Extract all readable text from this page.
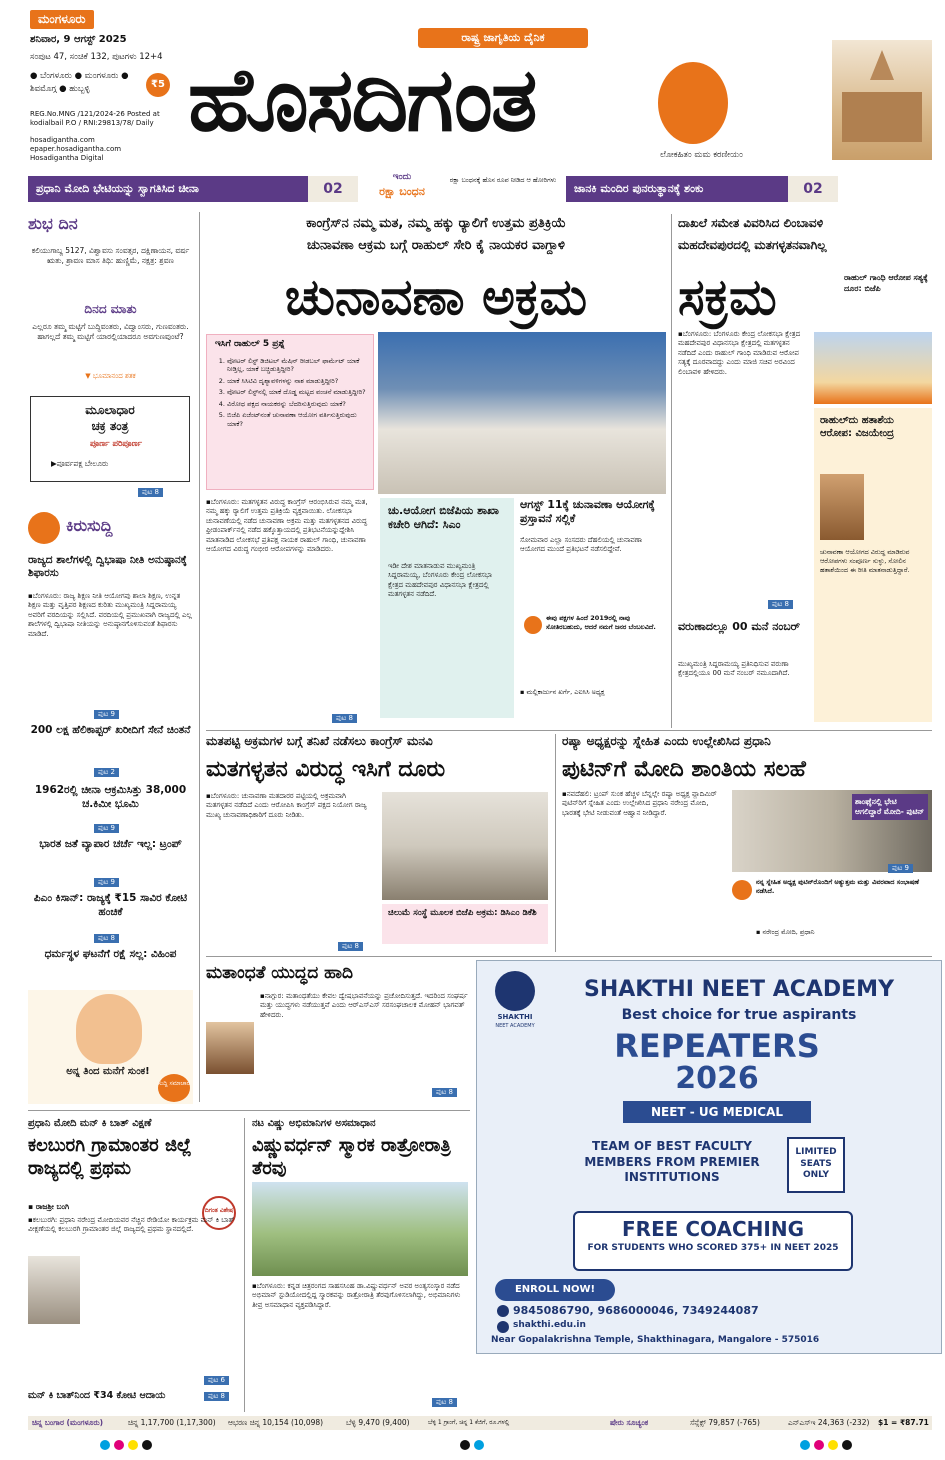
ಮಂಗಳೂರು
ಶನಿವಾರ, 9 ಆಗಸ್ಟ್ 2025
ಸಂಪುಟ 47, ಸಂಚಿಕೆ 132, ಪುಟಗಳು 12+4
● ಬೆಂಗಳೂರು ● ಮಂಗಳೂರು ● ಶಿವಮೊಗ್ಗ ● ಹುಬ್ಬಳ್ಳಿ	₹5
REG.No.MNG /121/2024-26 Posted at kodialbail P.O / RNI:29813/78/ Daily
hosadigantha.com
epaper.hosadigantha.com
Hosadigantha Digital
ರಾಷ್ಟ್ರ ಜಾಗೃತಿಯ ದೈನಿಕ
ಹೊಸದಿಗಂತ
ಲೋಕಹಿತಂ ಮಮ ಕರಣೀಯಂ
ಪ್ರಧಾನಿ ಮೋದಿ ಭೇಟಿಯನ್ನು ಸ್ವಾಗತಿಸಿದ ಚೀನಾ	02
ಇಂದು
ರಕ್ಷಾ ಬಂಧನ
ರಕ್ಷಾ ಬಂಧನಕ್ಕೆ ಹೊಸ ರೂಪ ನೀಡಿದ ಆ ಹೋರಿಗಳು
ಜಾನಕಿ ಮಂದಿರ ಪುನರುತ್ಥಾನಕ್ಕೆ ಶಂಕು	02
ಶುಭ ದಿನ
ಕಲಿಯುಗಾಬ್ದ 5127, ವಿಶ್ವಾವಸು ಸಂವತ್ಸರ, ದಕ್ಷಿಣಾಯನ, ವರ್ಷ ಋತು, ಶ್ರಾವಣ ಮಾಸ ತಿಥಿ: ಹುಣ್ಣಿಮೆ, ನಕ್ಷತ್ರ: ಶ್ರವಣ
ದಿನದ ಮಾತು
ಎಲ್ಲರೂ ತಮ್ಮ ಮಟ್ಟಿಗೆ ಬುದ್ಧಿವಂತರು, ವಿದ್ವಾಂಸರು, ಗುಣವಂತರು. ಹಾಗಲ್ಲದೆ ತಮ್ಮ ಮಟ್ಟಿಗೆ ಯಾರಲ್ಲಿಯಾದರೂ ಅವಗುಣವುಂಟೆ?
▼ ಭೂಮಾನಂದ ಶತಕ
ಮೂಲಾಧಾರ
ಚಕ್ರ ತಂತ್ರ
ಪೂರ್ಣ ಪರಿಪೂರ್ಣ
▶ಪೂರ್ವಪಕ್ಷ ಬೇಲೂರು
ಪುಟ 8
ಕಿರುಸುದ್ದಿ
ರಾಜ್ಯದ ಶಾಲೆಗಳಲ್ಲಿ ದ್ವಿಭಾಷಾ ನೀತಿ ಅನುಷ್ಠಾನಕ್ಕೆ ಶಿಫಾರಸು
▪ಬೆಂಗಳೂರು: ರಾಜ್ಯ ಶಿಕ್ಷಣ ನೀತಿ ಆಯೋಗವು ಶಾಲಾ ಶಿಕ್ಷಣ, ಉನ್ನತ ಶಿಕ್ಷಣ ಮತ್ತು ವೃತ್ತಿಪರ ಶಿಕ್ಷಣದ ಕುರಿತು ಮುಖ್ಯಮಂತ್ರಿ ಸಿದ್ದರಾಮಯ್ಯ ಅವರಿಗೆ ವರದಿಯನ್ನು ಸಲ್ಲಿಸಿದೆ. ವರದಿಯಲ್ಲಿ ಪ್ರಮುಖವಾಗಿ ರಾಜ್ಯದಲ್ಲಿ ಎಲ್ಲ ಶಾಲೆಗಳಲ್ಲಿ ದ್ವಿಭಾಷಾ ನೀತಿಯನ್ನು ಅನುಷ್ಠಾನಗೊಳಿಸುವಂತೆ ಶಿಫಾರಸು ಮಾಡಿದೆ.
ಪುಟ 9
200 ಲಕ್ಷ ಹೆಲಿಕಾಪ್ಟರ್ ಖರೀದಿಗೆ ಸೇನೆ ಚಿಂತನೆ
ಪುಟ 2
1962ರಲ್ಲಿ ಚೀನಾ ಆಕ್ರಮಿಸಿತ್ತು 38,000 ಚ.ಕಿಮೀ ಭೂಮಿ
ಪುಟ 9
ಭಾರತ ಜತೆ ವ್ಯಾಪಾರ ಚರ್ಚೆ ಇಲ್ಲ: ಟ್ರಂಪ್
ಪುಟ 9
ಪಿಎಂ ಕಿಸಾನ್: ರಾಜ್ಯಕ್ಕೆ ₹15 ಸಾವಿರ ಕೋಟಿ ಹಂಚಿಕೆ
ಪುಟ 8
ಧರ್ಮಸ್ಥಳ ಘಟನೆಗೆ ರಕ್ಷೆ ಸಲ್ಲ: ವಿಹಿಂಪ
ಅನ್ನ ತಿಂದ ಮನೆಗೆ ಸುಂಕ!
ಸುದ್ದಿ ಸಮಾಚಾರ
ಕಾಂಗ್ರೆಸ್‌ನ ನಮ್ಮ ಮತ, ನಮ್ಮ ಹಕ್ಕು ರ್‍ಯಾಲಿಗೆ ಉತ್ತಮ ಪ್ರತಿಕ್ರಿಯೆ
ಚುನಾವಣಾ ಆಕ್ರಮ ಬಗ್ಗೆ ರಾಹುಲ್ ಸೇರಿ ಕೈ ನಾಯಕರ ವಾಗ್ದಾಳಿ
ಚುನಾವಣಾ ಅಕ್ರಮ
ಇಸಿಗೆ ರಾಹುಲ್ 5 ಪ್ರಶ್ನೆ
1. ವೋಟರ್ ಲಿಸ್ಟ್ ಡಿಜಿಟಲ್ ಮೆಷಿನ್ ರೀಡಬಲ್ ಫಾರ್ಮೆಟ್‌ ಯಾಕೆ ನೀಡ್ತಿಲ್ಲ, ಯಾಕೆ ಬಚ್ಚಿಡುತ್ತಿದ್ದೀರಿ?
2. ಯಾಕೆ ಸಿಸಿಟಿವಿ ದೃಶ್ಯಾವಳಿಗಳನ್ನು ನಾಶ ಮಾಡುತ್ತಿದ್ದೀರಿ?
3. ವೋಟರ್ ಲಿಸ್ಟ್‌ನಲ್ಲಿ ಯಾಕೆ ದೊಡ್ಡ ಮಟ್ಟದ ವಂಚನೆ ಮಾಡುತ್ತಿದ್ದೀರಿ?
4. ವಿರೋಧ ಪಕ್ಷದ ನಾಯಕರನ್ನು ಬೆದರಿಸುತ್ತಿರುವುದು ಯಾಕೆ?
5. ಬಿಜೆಪಿ ಏಜೆಂಟ್‌ನಂತೆ ಚುನಾವಣಾ ಆಯೋಗ ವರ್ತಿಸುತ್ತಿರುವುದು ಯಾಕೆ?
▪ಬೆಂಗಳೂರು: ಮತಗಳ್ಳತನ ವಿರುದ್ಧ ಕಾಂಗ್ರೆಸ್ ಆರಂಭಿಸಿರುವ ನಮ್ಮ ಮತ, ನಮ್ಮ ಹಕ್ಕು ರ್‍ಯಾಲಿಗೆ ಉತ್ತಮ ಪ್ರತಿಕ್ರಿಯೆ ವ್ಯಕ್ತವಾಯಿತು. ಲೋಕಸಭಾ ಚುನಾವಣೆಯಲ್ಲಿ ನಡೆದ ಚುನಾವಣಾ ಅಕ್ರಮ ಮತ್ತು ಮತಗಳ್ಳತನದ ವಿರುದ್ಧ ಫ್ರೀಡಂಪಾರ್ಕ್‌ನಲ್ಲಿ ನಡೆದ ಹಕ್ಕೊತ್ತಾಯದಲ್ಲಿ ಪ್ರತಿಭಟನೆಯನ್ನುದ್ದೇಶಿಸಿ ಮಾತನಾಡಿದ ಲೋಕಸಭೆ ಪ್ರತಿಪಕ್ಷ ನಾಯಕ ರಾಹುಲ್ ಗಾಂಧಿ, ಚುನಾವಣಾ ಆಯೋಗದ ವಿರುದ್ಧ ಗಂಭೀರ ಆರೋಪಗಳನ್ನು ಮಾಡಿದರು.
ಪುಟ 8
ಚು.ಆಯೋಗ ಬಿಜೆಪಿಯ ಶಾಖಾ ಕಚೇರಿ ಆಗಿದೆ: ಸಿಎಂ
ಇಡೀ ದೇಶ ಮಾತನಾಡುವ ಮುಖ್ಯಮಂತ್ರಿ ಸಿದ್ದರಾಮಯ್ಯ, ಬೆಂಗಳೂರು ಕೇಂದ್ರ ಲೋಕಸಭಾ ಕ್ಷೇತ್ರದ ಮಹದೇವಪುರ ವಿಧಾನಸಭಾ ಕ್ಷೇತ್ರದಲ್ಲಿ ಮತಗಳ್ಳತನ ನಡೆದಿದೆ.
ಆಗಸ್ಟ್ 11ಕ್ಕೆ ಚುನಾವಣಾ ಆಯೋಗಕ್ಕೆ ಪ್ರಸ್ತಾವನೆ ಸಲ್ಲಿಕೆ
ಸೋಮವಾರ ಎಲ್ಲಾ ಸಂಸದರು ದೆಹಲಿಯಲ್ಲಿ ಚುನಾವಣಾ ಆಯೋಗದ ಮುಂದೆ ಪ್ರತಿಭಟನೆ ನಡೆಸಲಿದ್ದೇವೆ.
ಈವು ಪಕ್ಷಗಳ ಹಿಂದೆ 2019ರಲ್ಲಿ ನಾವು ಸೋತಿರಬಹುದು, ಆದರೆ ನಮಗೆ ಜನರ ಬೆಂಬಲವಿದೆ.
▪ ಮಲ್ಲಿಕಾರ್ಜುನ ಖರ್ಗೆ, ಎಐಸಿಸಿ ಅಧ್ಯಕ್ಷ
ದಾಖಲೆ ಸಮೇತ ವಿವರಿಸಿದ ಲಿಂಬಾವಳಿ
ಮಹದೇವಪುರದಲ್ಲಿ ಮತಗಳ್ಳತನವಾಗಿಲ್ಲ
ಸಕ್ರಮ	ರಾಹುಲ್ ಗಾಂಧಿ ಆರೋಪ ಸತ್ಯಕ್ಕೆ ದೂರ: ಬಿಜೆಪಿ
▪ಬೆಂಗಳೂರು: ಬೆಂಗಳೂರು ಕೇಂದ್ರ ಲೋಕಸಭಾ ಕ್ಷೇತ್ರದ ಮಹದೇವಪುರ ವಿಧಾನಸಭಾ ಕ್ಷೇತ್ರದಲ್ಲಿ ಮತಗಳ್ಳತನ ನಡೆದಿದೆ ಎಂದು ರಾಹುಲ್ ಗಾಂಧಿ ಮಾಡಿರುವ ಆರೋಪ ಸತ್ಯಕ್ಕೆ ದೂರವಾದದ್ದು ಎಂದು ಮಾಜಿ ಸಚಿವ ಅರವಿಂದ ಲಿಂಬಾವಳಿ ಹೇಳಿದರು.
ಪುಟ 8
ರಾಹುಲ್‌ದು ಹತಾಶೆಯ ಆರೋಪ: ವಿಜಯೇಂದ್ರ
ಚುನಾವಣಾ ಆಯೋಗದ ವಿರುದ್ಧ ಮಾಡಿರುವ ಆರೋಪಗಳು ಸಂಪೂರ್ಣ ಸುಳ್ಳು, ಸೋಲಿನ ಹತಾಶೆಯಿಂದ ಈ ರೀತಿ ಮಾತನಾಡುತ್ತಿದ್ದಾರೆ.
ವರುಣಾದಲ್ಲೂ 00 ಮನೆ ನಂಬರ್
ಮುಖ್ಯಮಂತ್ರಿ ಸಿದ್ದರಾಮಯ್ಯ ಪ್ರತಿನಿಧಿಸುವ ವರುಣಾ ಕ್ಷೇತ್ರದಲ್ಲಿಯೂ 00 ಮನೆ ನಂಬರ್ ನಮೂದಾಗಿದೆ.
ಮತಪಟ್ಟಿ ಅಕ್ರಮಗಳ ಬಗ್ಗೆ ತನಿಖೆ ನಡೆಸಲು ಕಾಂಗ್ರೆಸ್ ಮನವಿ
ಮತಗಳ್ಳತನ ವಿರುದ್ಧ ಇಸಿಗೆ ದೂರು
▪ಬೆಂಗಳೂರು: ಚುನಾವಣಾ ಮತದಾರರ ಪಟ್ಟಿಯಲ್ಲಿ ಅಕ್ರಮವಾಗಿ ಮತಗಳ್ಳತನ ನಡೆದಿದೆ ಎಂದು ಆರೋಪಿಸಿ ಕಾಂಗ್ರೆಸ್ ಪಕ್ಷದ ನಿಯೋಗ ರಾಜ್ಯ ಮುಖ್ಯ ಚುನಾವಣಾಧಿಕಾರಿಗೆ ದೂರು ನೀಡಿತು.
ಚಿಲುಮೆ ಸಂಸ್ಥೆ ಮೂಲಕ ಬಿಜೆಪಿ ಅಕ್ರಮ: ಡಿಸಿಎಂ ಡಿಕೆಶಿ
ಪುಟ 8
ರಷ್ಯಾ ಅಧ್ಯಕ್ಷರನ್ನು ಸ್ನೇಹಿತ ಎಂದು ಉಲ್ಲೇಖಿಸಿದ ಪ್ರಧಾನಿ
ಪುಟಿನ್‌ಗೆ ಮೋದಿ ಶಾಂತಿಯ ಸಲಹೆ
▪ನವದೆಹಲಿ: ಟ್ರಂಪ್ ಸುಂಕ ಹೆಚ್ಚಳ ಬೆನ್ನಲ್ಲೇ ರಷ್ಯಾ ಅಧ್ಯಕ್ಷ ವ್ಲಾದಿಮಿರ್ ಪುಟಿನ್‌ರಿಗೆ ಸ್ನೇಹಿತ ಎಂದು ಉಲ್ಲೇಖಿಸಿದ ಪ್ರಧಾನಿ ನರೇಂದ್ರ ಮೋದಿ, ಭಾರತಕ್ಕೆ ಭೇಟಿ ನೀಡುವಂತೆ ಆಹ್ವಾನ ನೀಡಿದ್ದಾರೆ.
ಶಾಂಘೈನಲ್ಲಿ ಭೇಟಿ ಆಗಲಿದ್ದಾರೆ ಮೋದಿ- ಪುಟಿನ್
ಪುಟ 9
ನನ್ನ ಸ್ನೇಹಿತ ಅಧ್ಯಕ್ಷ ಪುಟಿನ್‌ರೊಂದಿಗೆ ಅತ್ಯುತ್ತಮ ಮತ್ತು ವಿವರವಾದ ಸಂಭಾಷಣೆ ನಡೆಸಿದೆ.
▪ ನರೇಂದ್ರ ಮೋದಿ, ಪ್ರಧಾನಿ
ಮತಾಂಧತೆ ಯುದ್ಧದ ಹಾದಿ
▪ನಾಗ್ಪುರ: ಮತಾಂಧತೆಯು ಕೇವಲ ದ್ವೇಷಭಾವನೆಯನ್ನು ಪ್ರಚೋದಿಸುತ್ತದೆ. ಇದರಿಂದ ಸಂಘರ್ಷ ಮತ್ತು ಯುದ್ಧಗಳು ನಡೆಯುತ್ತವೆ ಎಂದು ಆರ್‌ಎಸ್‌ಎಸ್ ಸರಸಂಘಚಾಲಕ ಮೋಹನ್ ಭಾಗವತ್ ಹೇಳಿದರು.
ಪುಟ 8
SHAKTHI
NEET ACADEMY
SHAKTHI NEET ACADEMY
Best choice for true aspirants
REPEATERS
2026
NEET - UG MEDICAL
TEAM OF BEST FACULTY MEMBERS FROM PREMIER INSTITUTIONS
LIMITED SEATS ONLY
FREE COACHING
FOR STUDENTS WHO SCORED 375+ IN NEET 2025
ENROLL NOW!
9845086790, 9686000046, 7349244087
shakthi.edu.in
Near Gopalakrishna Temple, Shakthinagara, Mangalore - 575016
ಪ್ರಧಾನಿ ಮೋದಿ ಮನ್ ಕಿ ಬಾತ್ ವಿಕ್ಷಣೆ
ಕಲಬುರಗಿ ಗ್ರಾಮಾಂತರ ಜಿಲ್ಲೆ ರಾಜ್ಯದಲ್ಲಿ ಪ್ರಥಮ
▪ ರಾಜಶ್ರೀ ಬಂಗಿ	ದಿಗಂತ ವಿಶೇಷ
▪ಕಲಬುರಗಿ: ಪ್ರಧಾನಿ ನರೇಂದ್ರ ಮೋದಿಯವರ ನೆಚ್ಚಿನ ರೇಡಿಯೋ ಕಾರ್ಯಕ್ರಮ ಮನ್ ಕಿ ಬಾತ್ ವೀಕ್ಷಣೆಯಲ್ಲಿ ಕಲಬುರಗಿ ಗ್ರಾಮಾಂತರ ಜಿಲ್ಲೆ ರಾಜ್ಯದಲ್ಲಿ ಪ್ರಥಮ ಸ್ಥಾನದಲ್ಲಿದೆ.
ಪುಟ 6
ಮನ್ ಕಿ ಬಾತ್‌ನಿಂದ ₹34 ಕೋಟಿ ಆದಾಯ	ಪುಟ 8
ನಟ ವಿಷ್ಣು ಅಭಿಮಾನಿಗಳ ಅಸಮಾಧಾನ
ವಿಷ್ಣುವರ್ಧನ್ ಸ್ಮಾರಕ ರಾತ್ರೋರಾತ್ರಿ ತೆರವು
▪ಬೆಂಗಳೂರು: ಕನ್ನಡ ಚಿತ್ರರಂಗದ ಸಾಹಸಸಿಂಹ ಡಾ.ವಿಷ್ಣುವರ್ಧನ್ ಅವರ ಅಂತ್ಯಸಂಸ್ಕಾರ ನಡೆದ ಅಭಿಮಾನ್ ಸ್ಟುಡಿಯೋದಲ್ಲಿದ್ದ ಸ್ಮಾರಕವನ್ನು ರಾತ್ರೋರಾತ್ರಿ ತೆರವುಗೊಳಿಸಲಾಗಿದ್ದು, ಅಭಿಮಾನಿಗಳು ತೀವ್ರ ಅಸಮಾಧಾನ ವ್ಯಕ್ತಪಡಿಸಿದ್ದಾರೆ.
ಪುಟ 8
ಚಿನ್ನ ಬಂಗಾರ (ಮಂಗಳೂರು)	ಚಿನ್ನ 1,17,700 (1,17,300) ಆಭರಣ ಚಿನ್ನ 10,154 (10,098)	ಬೆಳ್ಳಿ 9,470 (9,400)	ಬೆಳ್ಳಿ 1 ಗ್ರಾಂಗೆ, ಚಿನ್ನ 1 ಕೆಜಿಗೆ, ರೂ.ಗಳಲ್ಲಿ	ಷೇರು ಸೂಚ್ಯಂಕ	ಸೆನ್ಸೆಕ್ಸ್ 79,857 (-765)	ಎನ್‌ಎಸ್‌ಇ 24,363 (-232) $1 = ₹87.71
